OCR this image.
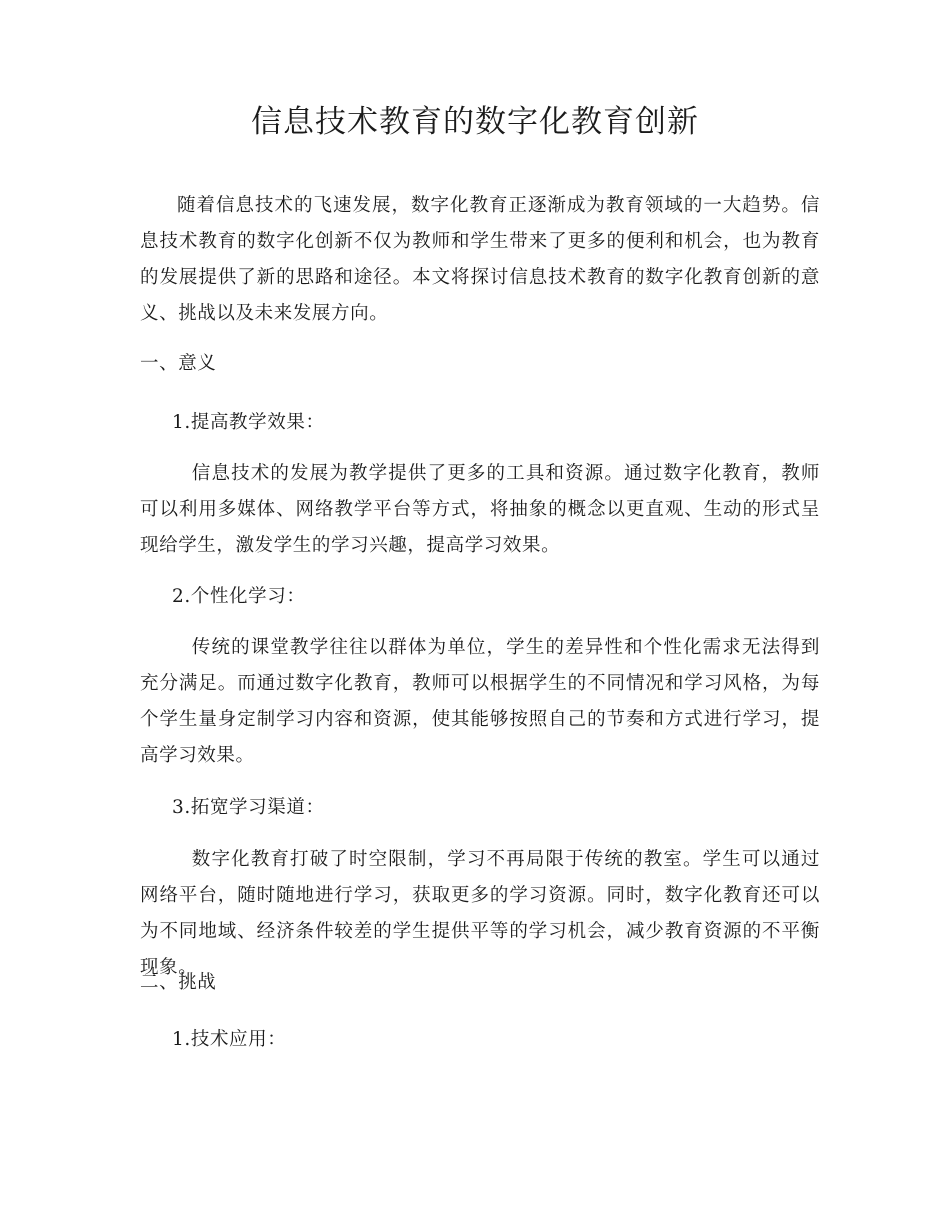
信息技术教育的数字化教育创新

随着信息技术的飞速发展，数字化教育正逐渐成为教育领域的一大趋势。信息技术教育的数字化创新不仅为教师和学生带来了更多的便利和机会，也为教育的发展提供了新的思路和途径。本文将探讨信息技术教育的数字化教育创新的意义、挑战以及未来发展方向。

一、意义
1.提高教学效果：

信息技术的发展为教学提供了更多的工具和资源。通过数字化教育，教师可以利用多媒体、网络教学平台等方式，将抽象的概念以更直观、生动的形式呈现给学生，激发学生的学习兴趣，提高学习效果。

2.个性化学习：

传统的课堂教学往往以群体为单位，学生的差异性和个性化需求无法得到充分满足。而通过数字化教育，教师可以根据学生的不同情况和学习风格，为每个学生量身定制学习内容和资源，使其能够按照自己的节奏和方式进行学习，提高学习效果。

3.拓宽学习渠道：

数字化教育打破了时空限制，学习不再局限于传统的教室。学生可以通过网络平台，随时随地进行学习，获取更多的学习资源。同时，数字化教育还可以为不同地域、经济条件较差的学生提供平等的学习机会，减少教育资源的不平衡现象。

二、挑战
1.技术应用：
